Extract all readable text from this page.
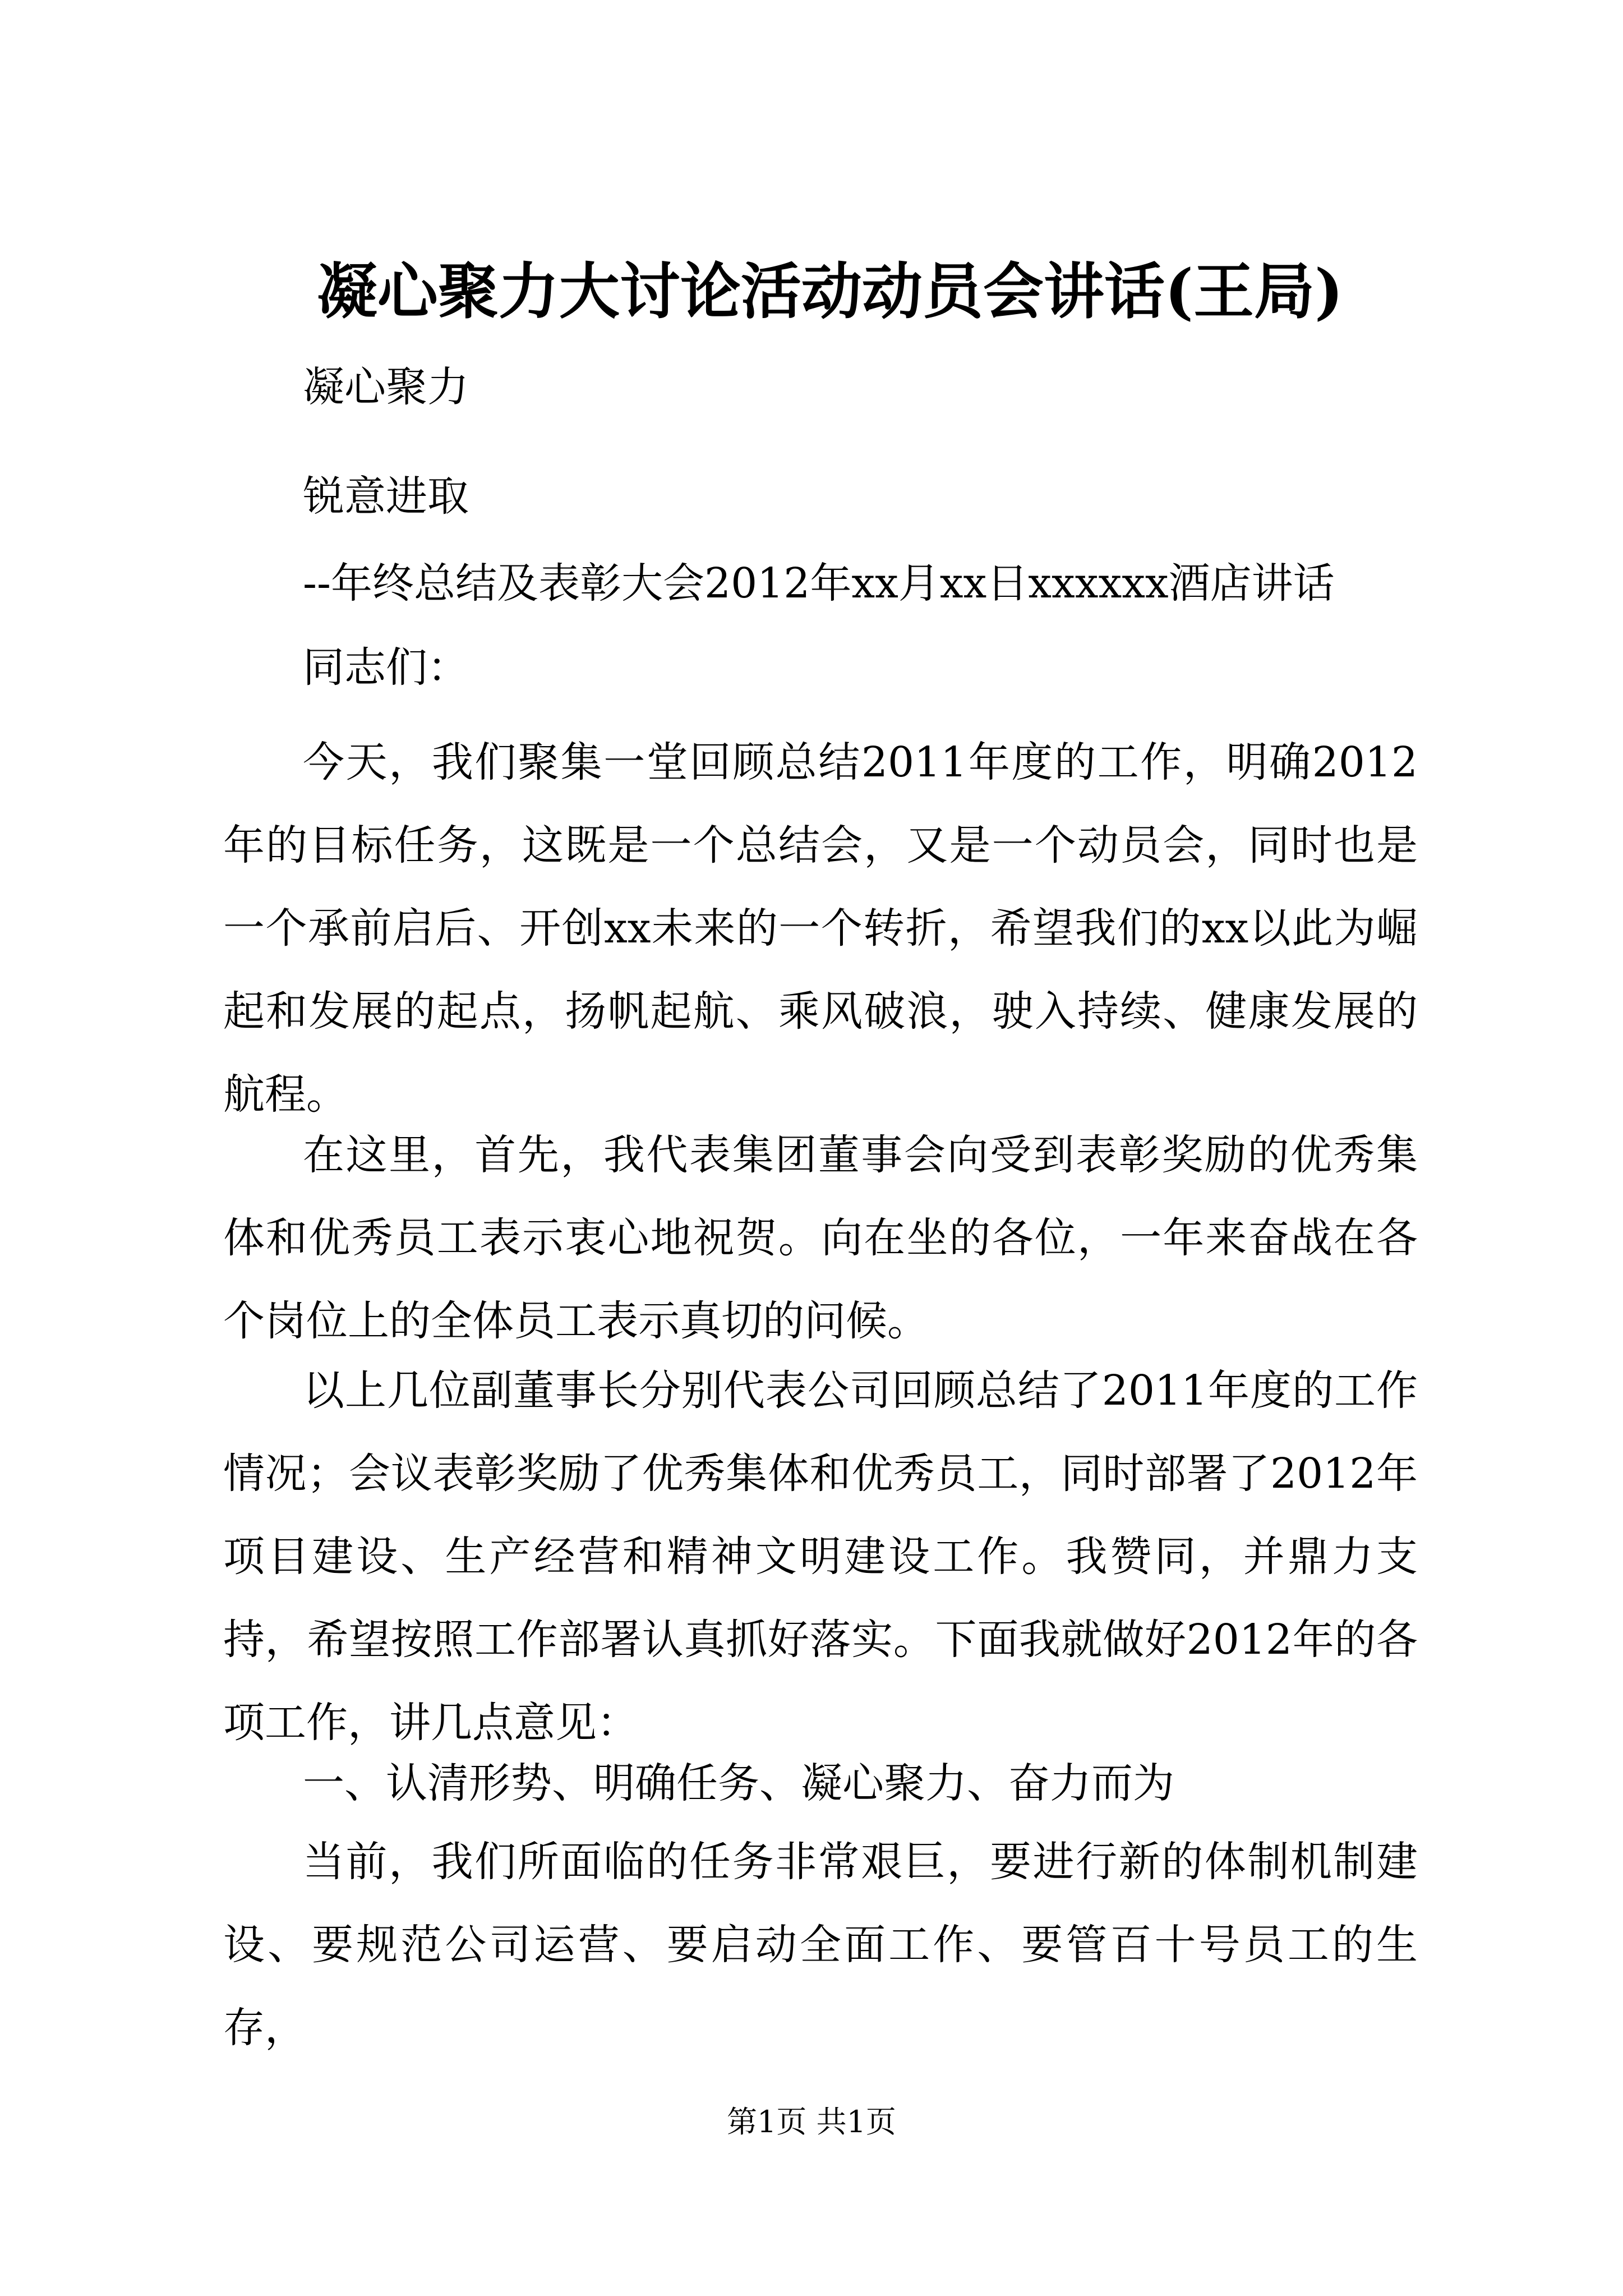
凝心聚力大讨论活动动员会讲话(王局)
凝心聚力
锐意进取
--年终总结及表彰大会2012年xx月xx日xxxxxx酒店讲话
同志们：

今天，我们聚集一堂回顾总结2011年度的工作，明确2012年的目标任务，这既是一个总结会，又是一个动员会，同时也是一个承前启后、开创xx未来的一个转折，希望我们的xx以此为崛起和发展的起点，扬帆起航、乘风破浪，驶入持续、健康发展的航程。

在这里，首先，我代表集团董事会向受到表彰奖励的优秀集体和优秀员工表示衷心地祝贺。向在坐的各位，一年来奋战在各个岗位上的全体员工表示真切的问候。

以上几位副董事长分别代表公司回顾总结了2011年度的工作情况；会议表彰奖励了优秀集体和优秀员工，同时部署了2012年项目建设、生产经营和精神文明建设工作。我赞同，并鼎力支持，希望按照工作部署认真抓好落实。下面我就做好2012年的各项工作，讲几点意见：

一、认清形势、明确任务、凝心聚力、奋力而为

当前，我们所面临的任务非常艰巨，要进行新的体制机制建设、要规范公司运营、要启动全面工作、要管百十号员工的生存，

第1页 共1页
